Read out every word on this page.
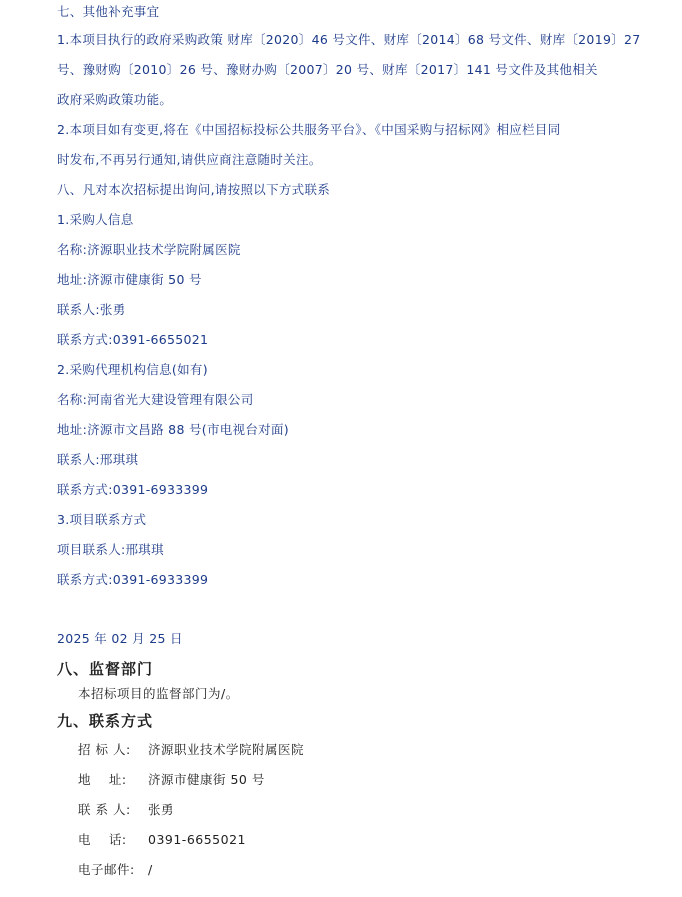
七、其他补充事宜
1.本项目执行的政府采购政策 财库〔2020〕46 号文件、财库〔2014〕68 号文件、财库〔2019〕27
号、豫财购〔2010〕26 号、豫财办购〔2007〕20 号、财库〔2017〕141 号文件及其他相关
政府采购政策功能。
2.本项目如有变更,将在《中国招标投标公共服务平台》、《中国采购与招标网》相应栏目同
时发布,不再另行通知,请供应商注意随时关注。
八、凡对本次招标提出询问,请按照以下方式联系
1.采购人信息
名称:济源职业技术学院附属医院
地址:济源市健康街 50 号
联系人:张勇
联系方式:0391-6655021
2.采购代理机构信息(如有)
名称:河南省光大建设管理有限公司
地址:济源市文昌路 88 号(市电视台对面)
联系人:邢琪琪
联系方式:0391-6933399
3.项目联系方式
项目联系人:邢琪琪
联系方式:0391-6933399
2025 年 02 月 25 日
八、监督部门
本招标项目的监督部门为/。
九、联系方式
招 标 人: 济源职业技术学院附属医院
地    址: 济源市健康街 50 号
联 系 人: 张勇
电    话: 0391-6655021
电子邮件: /
